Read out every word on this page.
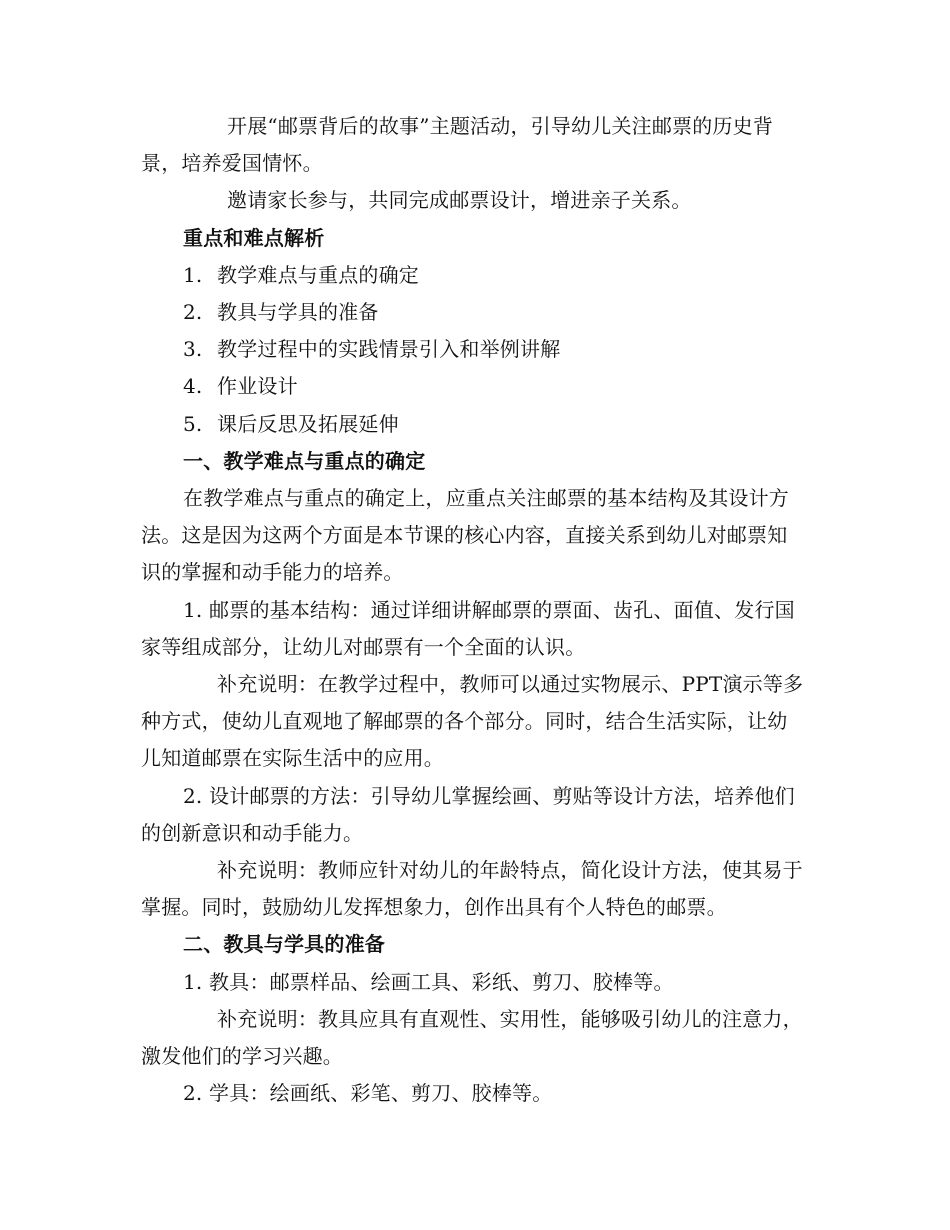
开展“邮票背后的故事”主题活动，引导幼儿关注邮票的历史背景，培养爱国情怀。

邀请家长参与，共同完成邮票设计，增进亲子关系。

重点和难点解析

1. 教学难点与重点的确定

2. 教具与学具的准备

3. 教学过程中的实践情景引入和举例讲解

4. 作业设计

5. 课后反思及拓展延伸

一、教学难点与重点的确定

在教学难点与重点的确定上，应重点关注邮票的基本结构及其设计方法。这是因为这两个方面是本节课的核心内容，直接关系到幼儿对邮票知识的掌握和动手能力的培养。

1. 邮票的基本结构：通过详细讲解邮票的票面、齿孔、面值、发行国家等组成部分，让幼儿对邮票有一个全面的认识。

补充说明：在教学过程中，教师可以通过实物展示、PPT演示等多种方式，使幼儿直观地了解邮票的各个部分。同时，结合生活实际，让幼儿知道邮票在实际生活中的应用。

2. 设计邮票的方法：引导幼儿掌握绘画、剪贴等设计方法，培养他们的创新意识和动手能力。

补充说明：教师应针对幼儿的年龄特点，简化设计方法，使其易于掌握。同时，鼓励幼儿发挥想象力，创作出具有个人特色的邮票。

二、教具与学具的准备

1. 教具：邮票样品、绘画工具、彩纸、剪刀、胶棒等。

补充说明：教具应具有直观性、实用性，能够吸引幼儿的注意力，激发他们的学习兴趣。

2. 学具：绘画纸、彩笔、剪刀、胶棒等。
